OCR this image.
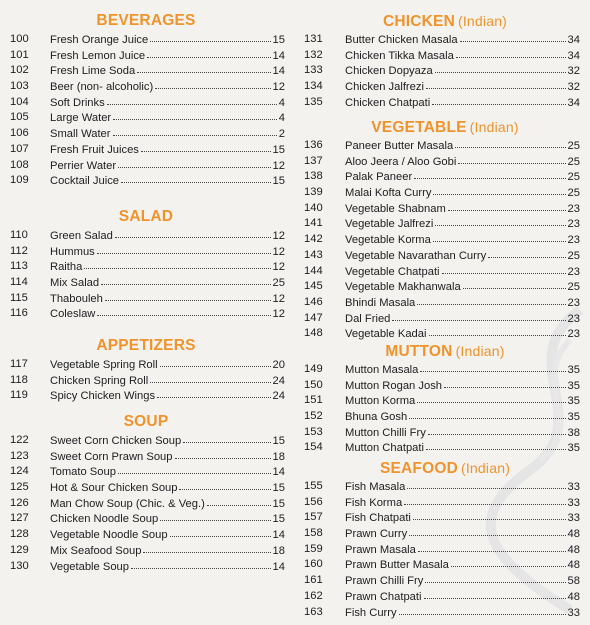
BEVERAGES
100	Fresh Orange Juice	15
101	Fresh Lemon Juice	14
102	Fresh Lime Soda	14
103	Beer (non- alcoholic)	12
104	Soft Drinks	4
105	Large Water	4
106	Small Water	2
107	Fresh Fruit Juices	15
108	Perrier Water	12
109	Cocktail Juice	15
SALAD
110	Green Salad	12
112	Hummus	12
113	Raitha	12
114	Mix Salad	25
115	Thabouleh	12
116	Coleslaw	12
APPETIZERS
117	Vegetable Spring Roll	20
118	Chicken Spring Roll	24
119	Spicy Chicken Wings	24
SOUP
122	Sweet Corn Chicken Soup	15
123	Sweet Corn Prawn Soup	18
124	Tomato Soup	14
125	Hot & Sour Chicken Soup	15
126	Man Chow Soup (Chic. & Veg.)	15
127	Chicken Noodle Soup	15
128	Vegetable Noodle Soup	14
129	Mix Seafood Soup	18
130	Vegetable Soup	14
CHICKEN (Indian)
131	Butter Chicken Masala	34
132	Chicken Tikka Masala	34
133	Chicken Dopyaza	32
134	Chicken Jalfrezi	32
135	Chicken Chatpati	34
VEGETABLE (Indian)
136	Paneer Butter Masala	25
137	Aloo Jeera / Aloo Gobi	25
138	Palak Paneer	25
139	Malai Kofta Curry	25
140	Vegetable Shabnam	23
141	Vegetable Jalfrezi	23
142	Vegetable Korma	23
143	Vegetable Navarathan Curry	25
144	Vegetable Chatpati	23
145	Vegetable Makhanwala	25
146	Bhindi Masala	23
147	Dal Fried	23
148	Vegetable Kadai	23
MUTTON (Indian)
149	Mutton Masala	35
150	Mutton Rogan Josh	35
151	Mutton Korma	35
152	Bhuna Gosh	35
153	Mutton Chilli Fry	38
154	Mutton Chatpati	35
SEAFOOD (Indian)
155	Fish Masala	33
156	Fish Korma	33
157	Fish Chatpati	33
158	Prawn Curry	48
159	Prawn Masala	48
160	Prawn Butter Masala	48
161	Prawn Chilli Fry	58
162	Prawn Chatpati	48
163	Fish Curry	33
